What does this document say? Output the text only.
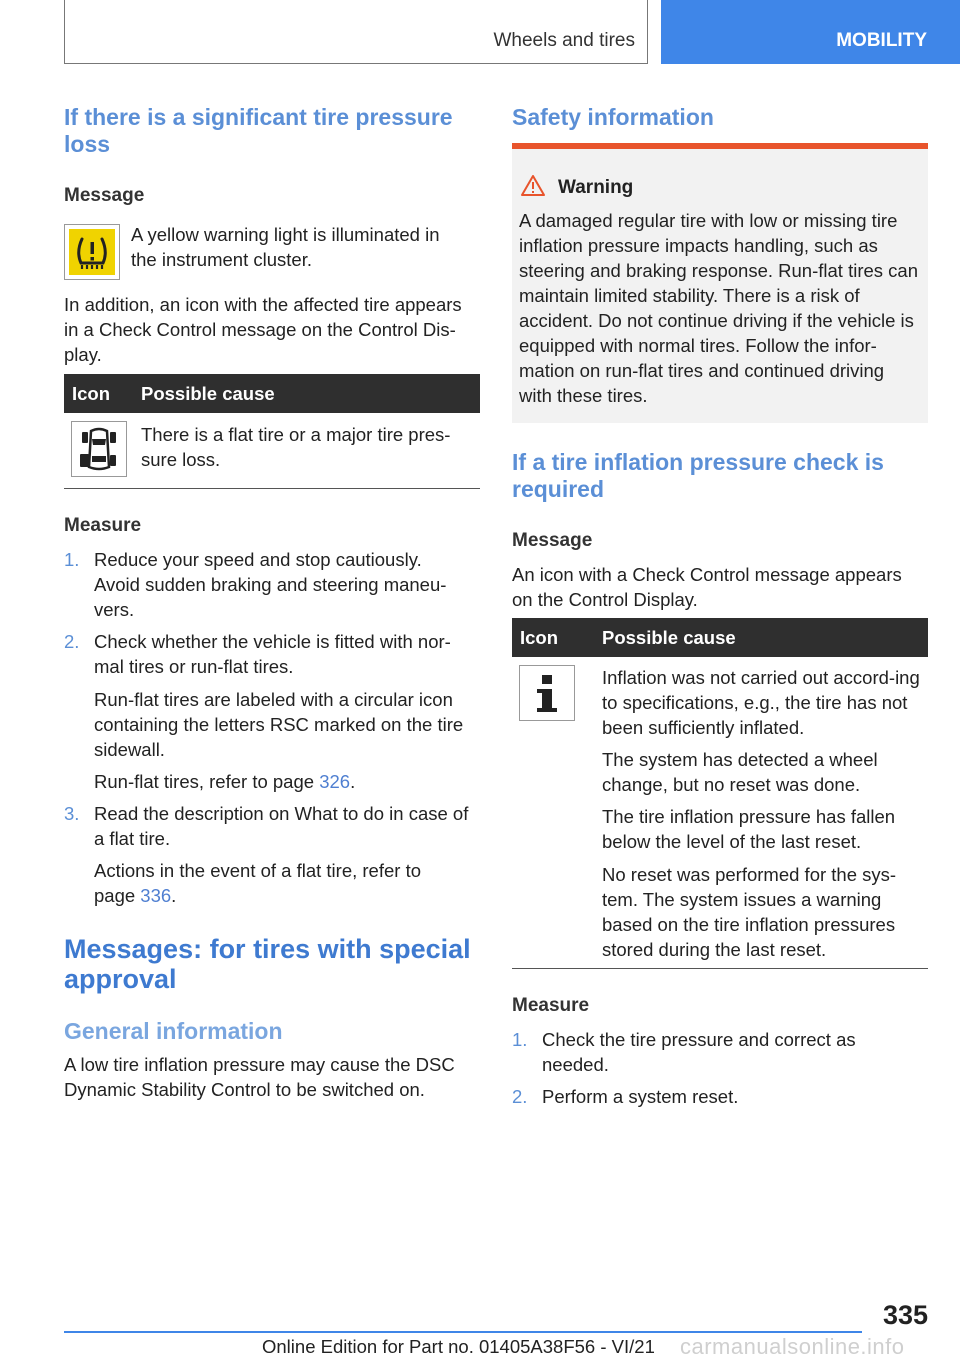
Wheels and tires	MOBILITY
If there is a significant tire pressure loss
Message
A yellow warning light is illuminated in the instrument cluster.
In addition, an icon with the affected tire appears in a Check Control message on the Control Dis-play.
Icon Possible cause
There is a flat tire or a major tire pres-sure loss.
Measure
1. Reduce your speed and stop cautiously. Avoid sudden braking and steering maneu-vers.
2. Check whether the vehicle is fitted with nor-mal tires or run-flat tires.
Run-flat tires are labeled with a circular icon containing the letters RSC marked on the tire sidewall.
Run-flat tires, refer to page 326.
3. Read the description on What to do in case of a flat tire.
Actions in the event of a flat tire, refer to page 336.
Messages: for tires with special approval
General information
A low tire inflation pressure may cause the DSC Dynamic Stability Control to be switched on.
Safety information
Warning
A damaged regular tire with low or missing tire inflation pressure impacts handling, such as steering and braking response. Run-flat tires can maintain limited stability. There is a risk of accident. Do not continue driving if the vehicle is equipped with normal tires. Follow the infor-mation on run-flat tires and continued driving with these tires.
If a tire inflation pressure check is required
Message
An icon with a Check Control message appears on the Control Display.
Icon Possible cause
Inflation was not carried out accord-ing to specifications, e.g., the tire has not been sufficiently inflated.
The system has detected a wheel change, but no reset was done.
The tire inflation pressure has fallen below the level of the last reset.
No reset was performed for the sys-tem. The system issues a warning based on the tire inflation pressures stored during the last reset.
Measure
1. Check the tire pressure and correct as needed.
2. Perform a system reset.
335
Online Edition for Part no. 01405A38F56 - VI/21 carmanualsonline.info
